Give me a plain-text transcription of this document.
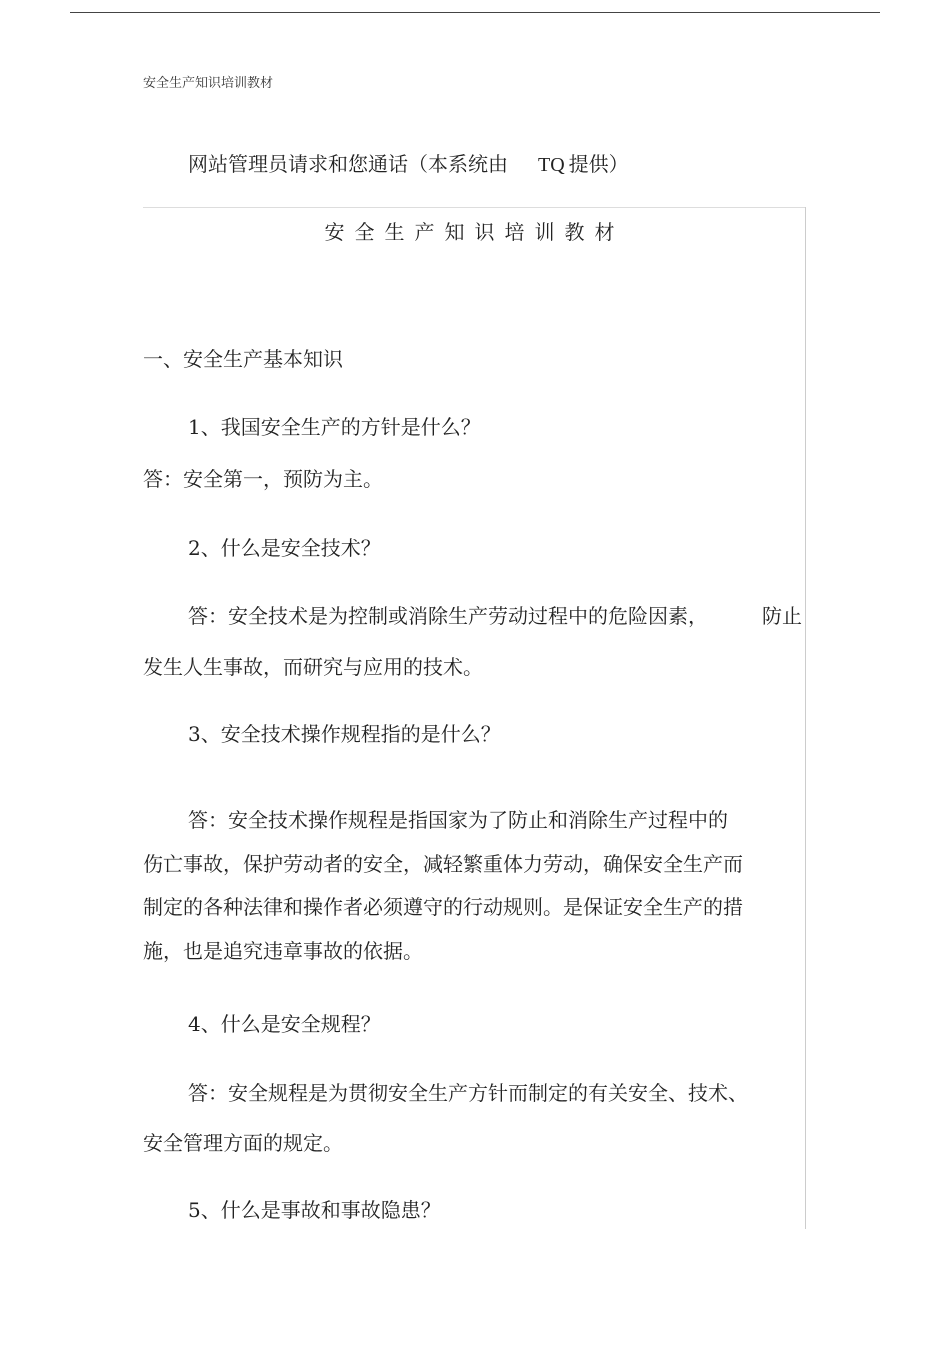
安全生产知识培训教材
网站管理员请求和您通话（本系统由 TQ 提供）
安全生产知识培训教材
一、安全生产基本知识
1、我国安全生产的方针是什么？
答：安全第一，预防为主。
2、什么是安全技术？
答：安全技术是为控制或消除生产劳动过程中的危险因素，	防止
发生人生事故，而研究与应用的技术。
3、安全技术操作规程指的是什么？
答：安全技术操作规程是指国家为了防止和消除生产过程中的
伤亡事故，保护劳动者的安全，减轻繁重体力劳动，确保安全生产而
制定的各种法律和操作者必须遵守的行动规则。是保证安全生产的措
施，也是追究违章事故的依据。
4、什么是安全规程？
答：安全规程是为贯彻安全生产方针而制定的有关安全、技术、
安全管理方面的规定。
5、什么是事故和事故隐患？
